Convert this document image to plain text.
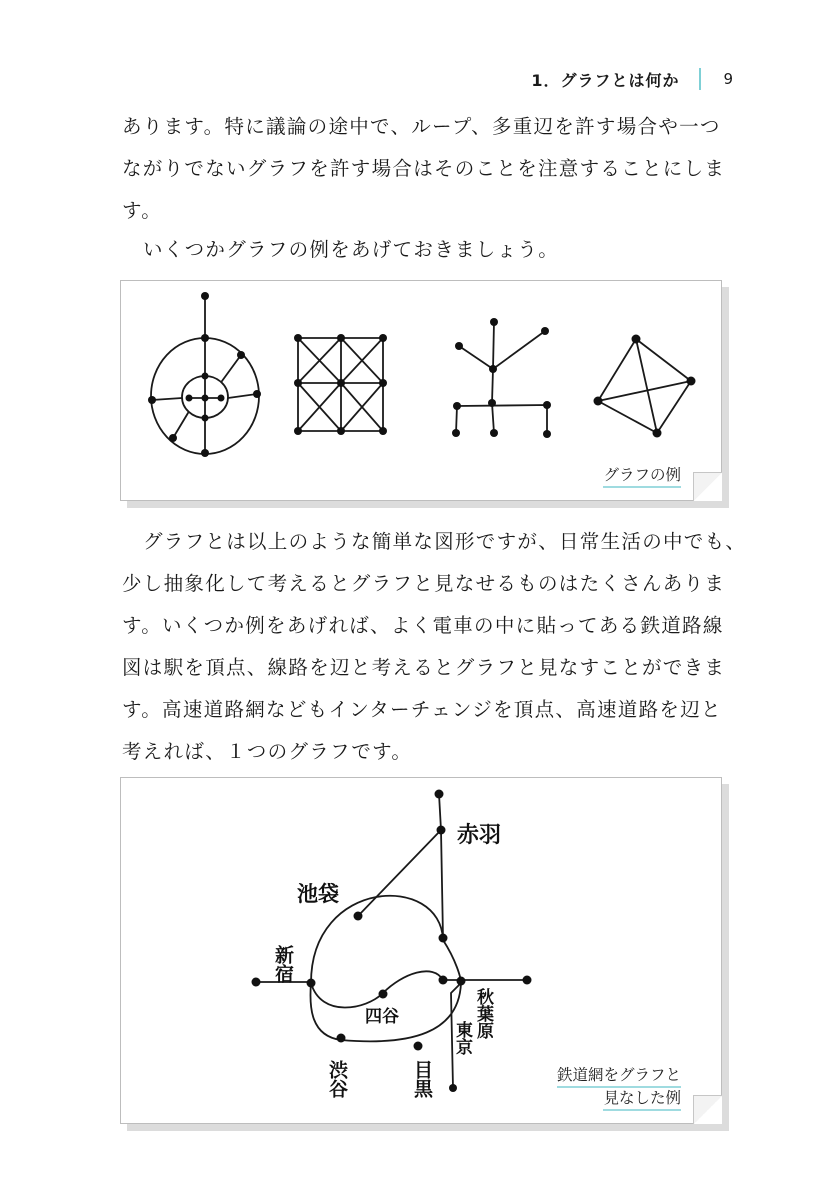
1．グラフとは何か	9

あります。特に議論の途中で、ループ、多重辺を許す場合や一つ
ながりでないグラフを許す場合はそのことを注意することにしま
す。

いくつかグラフの例をあげておきましょう。

グラフの例

グラフとは以上のような簡単な図形ですが、日常生活の中でも、
少し抽象化して考えるとグラフと見なせるものはたくさんありま
す。いくつか例をあげれば、よく電車の中に貼ってある鉄道路線
図は駅を頂点、線路を辺と考えるとグラフと見なすことができま
す。高速道路網などもインターチェンジを頂点、高速道路を辺と
考えれば、１つのグラフです。

赤羽
池袋
新宿
四谷	秋葉原
東京
渋谷	目黒	鉄道網をグラフと
見なした例
